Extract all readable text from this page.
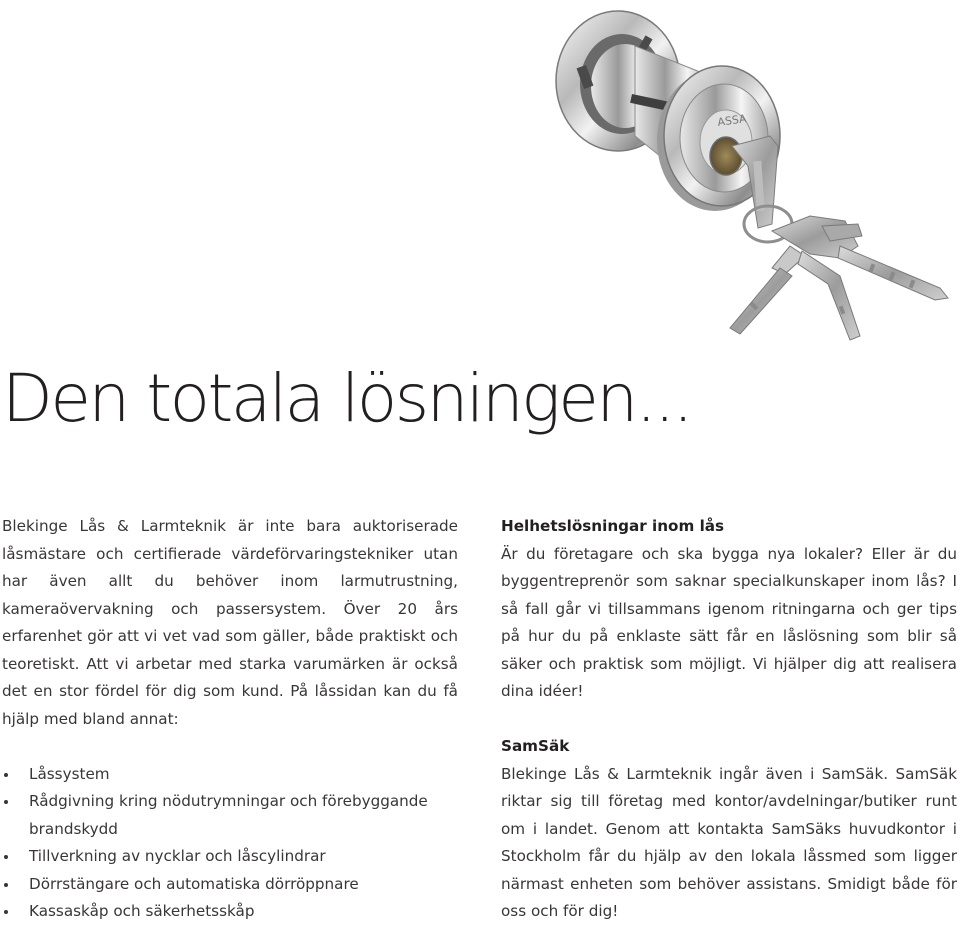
ASSA
Den totala lösningen...

Blekinge Lås & Larmteknik är inte bara auktoriserade låsmästare och certifierade värdeförvaringstekniker utan har även allt du behöver inom larmutrustning, kameraövervakning och passersystem. Över 20 års erfarenhet gör att vi vet vad som gäller, både praktiskt och teoretiskt. Att vi arbetar med starka varumärken är också det en stor fördel för dig som kund. På låssidan kan du få hjälp med bland annat:

Låssystem
Rådgivning kring nödutrymningar och förebyggande brandskydd
Tillverkning av nycklar och låscylindrar
Dörrstängare och automatiska dörröppnare
Kassaskåp och säkerhetsskåp
Helhetslösningar inom lås

Är du företagare och ska bygga nya lokaler? Eller är du byggentreprenör som saknar specialkunskaper inom lås? I så fall går vi tillsammans igenom ritningarna och ger tips på hur du på enklaste sätt får en låslösning som blir så säker och praktisk som möjligt. Vi hjälper dig att realisera dina idéer!

SamSäk

Blekinge Lås & Larmteknik ingår även i SamSäk. SamSäk riktar sig till företag med kontor/avdelningar/butiker runt om i landet. Genom att kontakta SamSäks huvudkontor i Stockholm får du hjälp av den lokala låssmed som ligger närmast enheten som behöver assistans. Smidigt både för oss och för dig!
